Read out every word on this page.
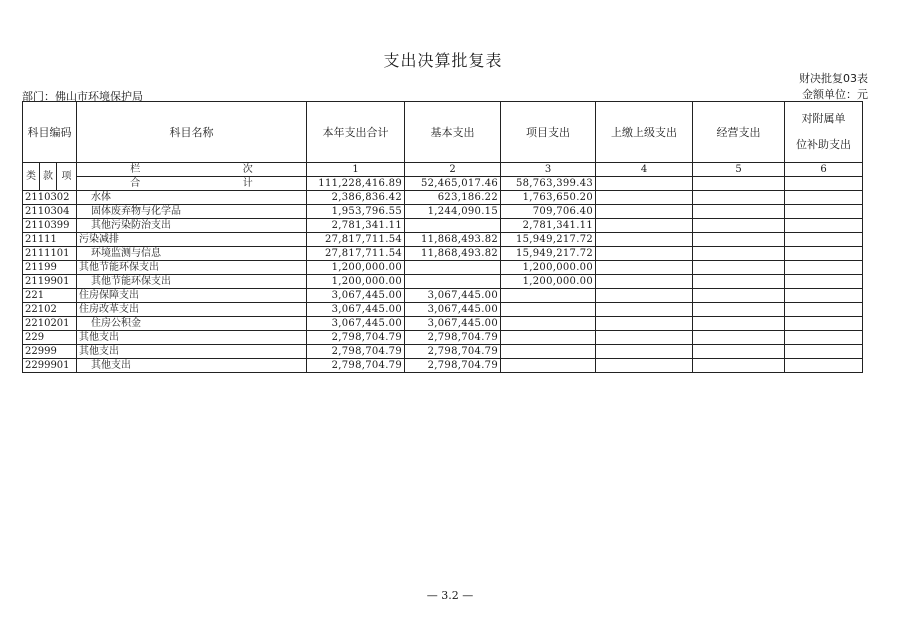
支出决算批复表
财决批复03表
金额单位：元
部门：佛山市环境保护局
科目编码			科目名称	本年支出合计	基本支出	项目支出	上缴上级支出	经营支出	对附属单
位补助支出
类	款	项	栏 次	1	2	3	4	5	6

			合 计	111,228,416.89	52,465,017.46	58,763,399.43			
2110302			水体	2,386,836.42	623,186.22	1,763,650.20			
2110304			固体废弃物与化学品	1,953,796.55	1,244,090.15	709,706.40			
2110399			其他污染防治支出	2,781,341.11		2,781,341.11			
21111			污染减排	27,817,711.54	11,868,493.82	15,949,217.72			
2111101			环境监测与信息	27,817,711.54	11,868,493.82	15,949,217.72			
21199			其他节能环保支出	1,200,000.00		1,200,000.00			
2119901			其他节能环保支出	1,200,000.00		1,200,000.00			
221			住房保障支出	3,067,445.00	3,067,445.00				
22102			住房改革支出	3,067,445.00	3,067,445.00				
2210201			住房公积金	3,067,445.00	3,067,445.00				
229			其他支出	2,798,704.79	2,798,704.79				
22999			其他支出	2,798,704.79	2,798,704.79				
2299901			其他支出	2,798,704.79	2,798,704.79				
— 3.2 —
